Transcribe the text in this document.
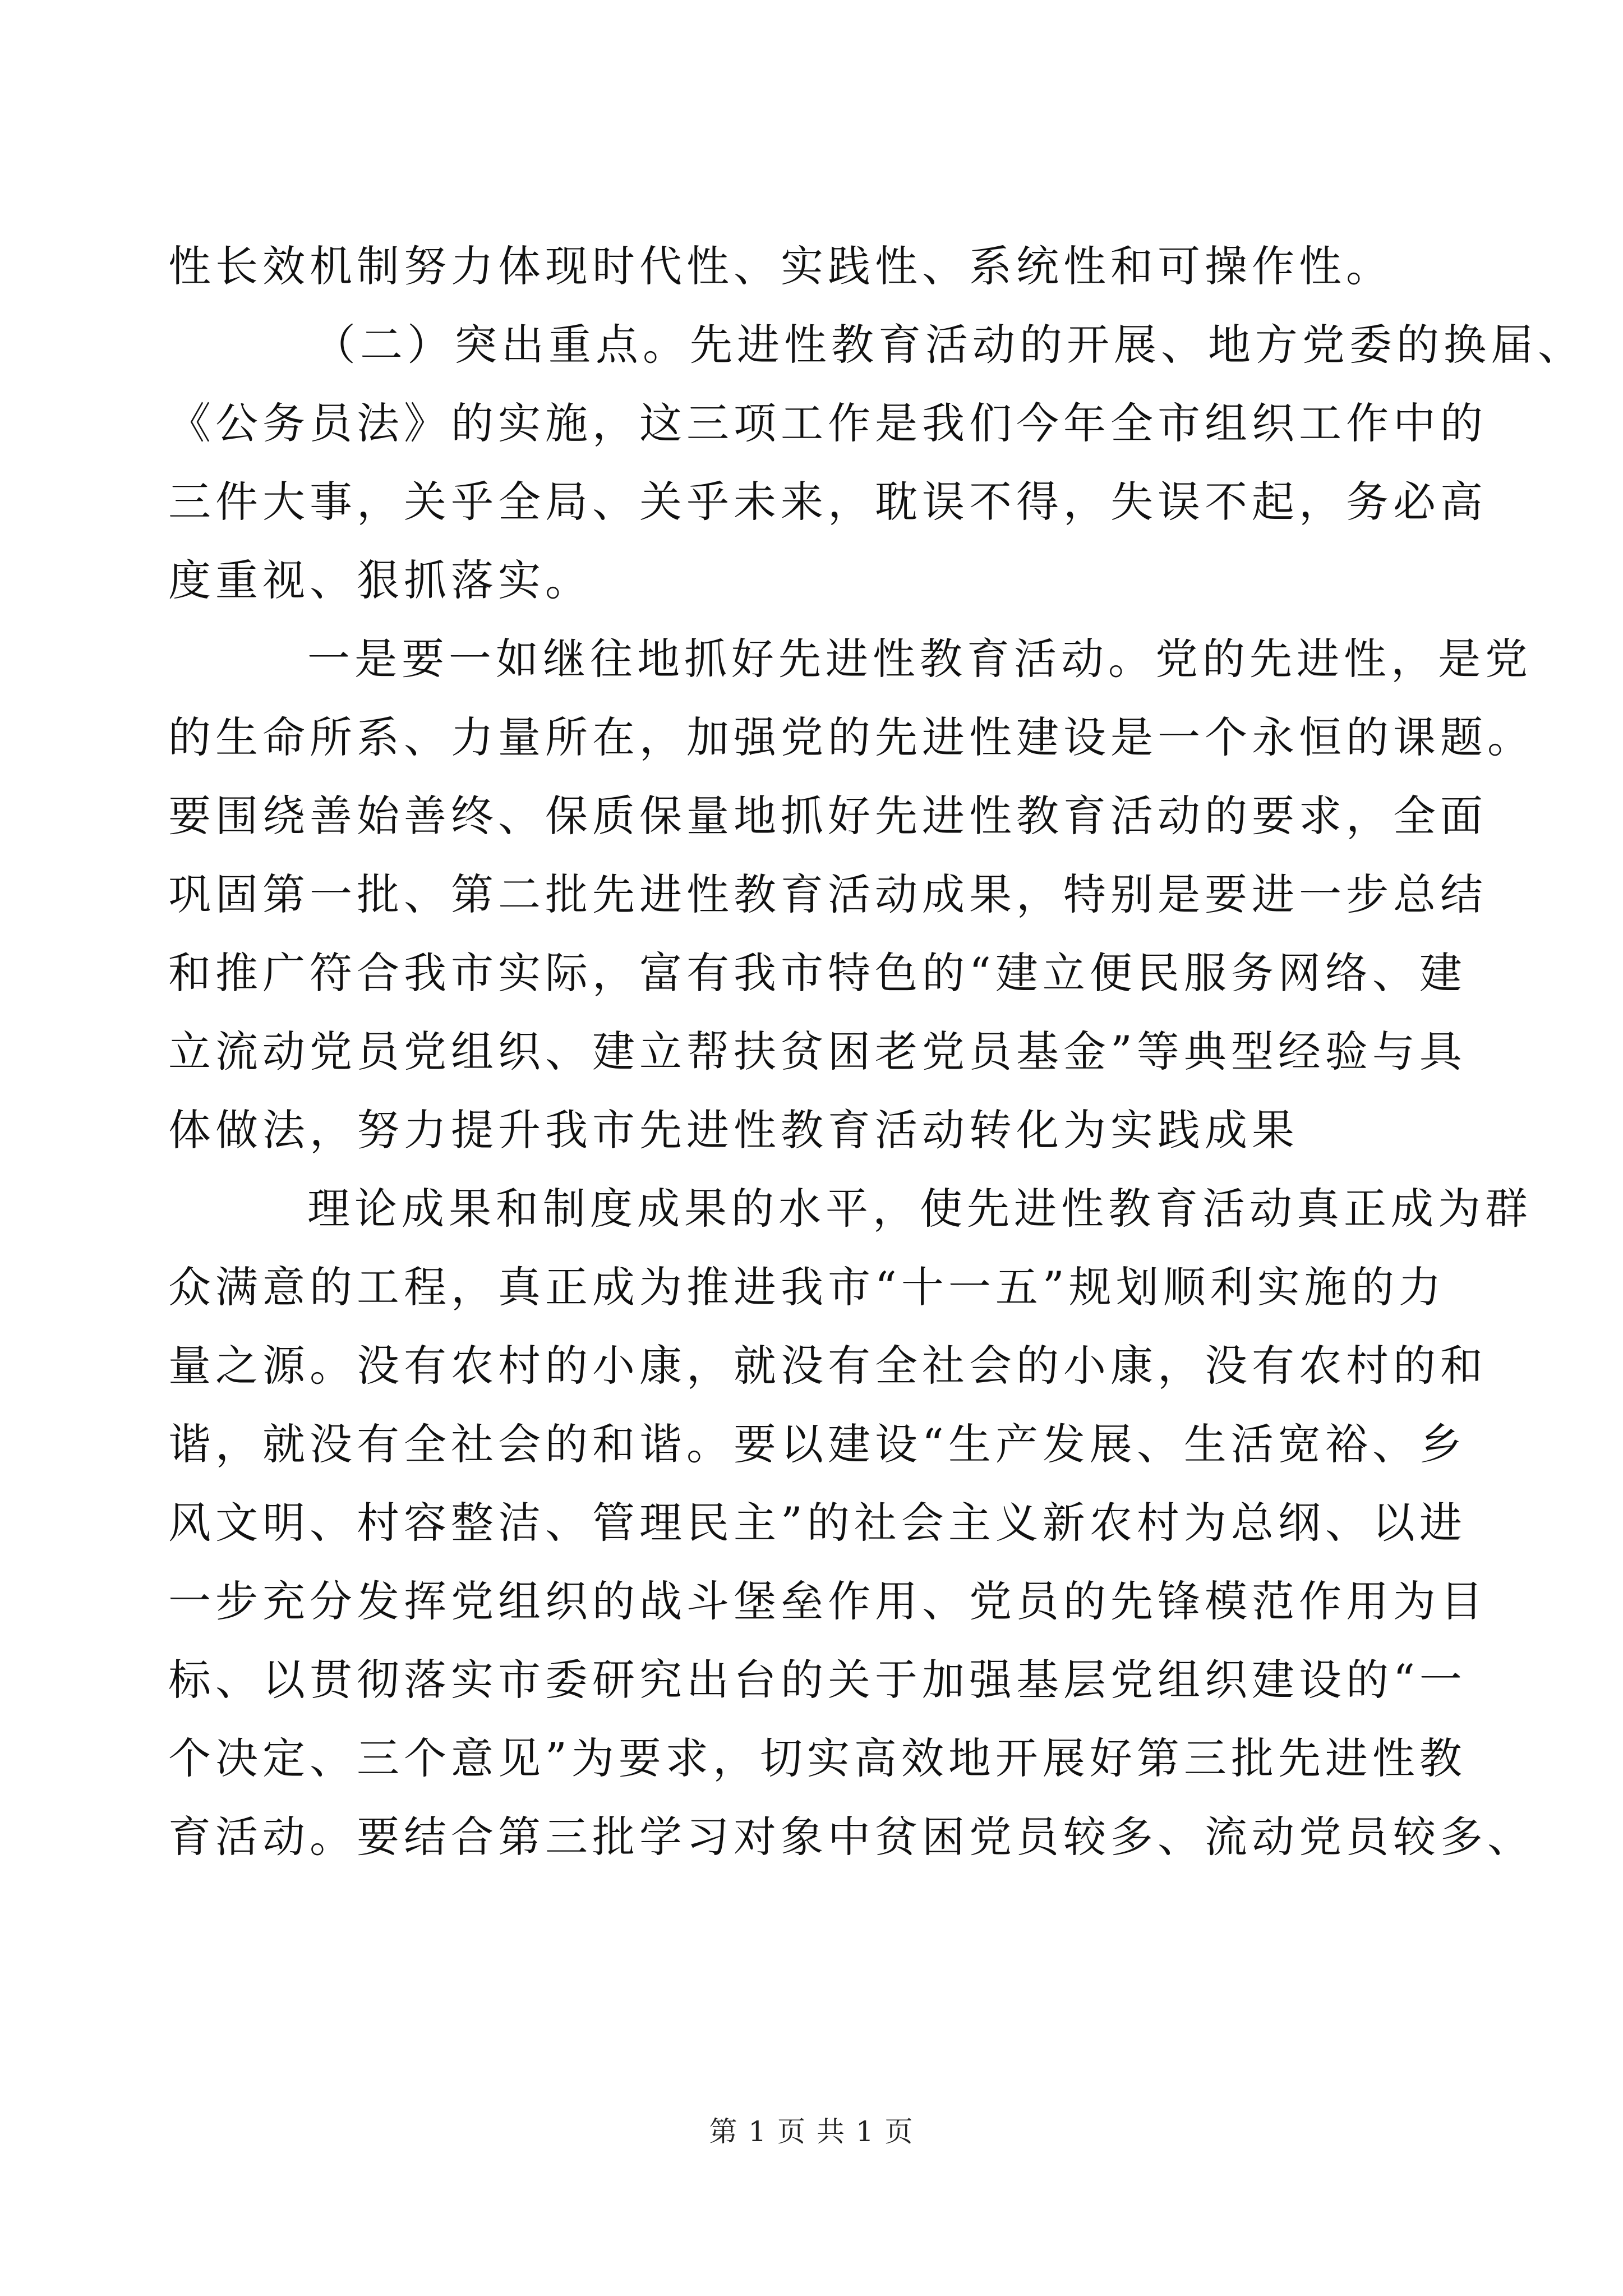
性长效机制努力体现时代性、实践性、系统性和可操作性。
（二）突出重点。先进性教育活动的开展、地方党委的换届、
《公务员法》的实施，这三项工作是我们今年全市组织工作中的
三件大事，关乎全局、关乎未来，耽误不得，失误不起，务必高
度重视、狠抓落实。
一是要一如继往地抓好先进性教育活动。党的先进性，是党
的生命所系、力量所在，加强党的先进性建设是一个永恒的课题。
要围绕善始善终、保质保量地抓好先进性教育活动的要求，全面
巩固第一批、第二批先进性教育活动成果，特别是要进一步总结
和推广符合我市实际，富有我市特色的“建立便民服务网络、建
立流动党员党组织、建立帮扶贫困老党员基金”等典型经验与具
体做法，努力提升我市先进性教育活动转化为实践成果
理论成果和制度成果的水平，使先进性教育活动真正成为群
众满意的工程，真正成为推进我市“十一五”规划顺利实施的力
量之源。没有农村的小康，就没有全社会的小康，没有农村的和
谐，就没有全社会的和谐。要以建设“生产发展、生活宽裕、乡
风文明、村容整洁、管理民主”的社会主义新农村为总纲、以进
一步充分发挥党组织的战斗堡垒作用、党员的先锋模范作用为目
标、以贯彻落实市委研究出台的关于加强基层党组织建设的“一
个决定、三个意见”为要求，切实高效地开展好第三批先进性教
育活动。要结合第三批学习对象中贫困党员较多、流动党员较多、
第 1 页 共 1 页
